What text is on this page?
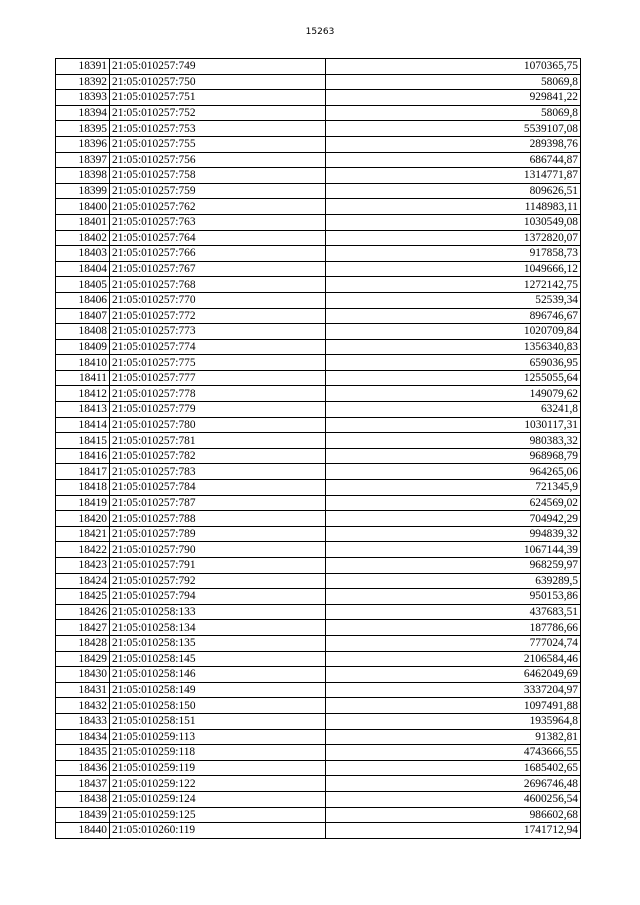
15263
18391	21:05:010257:749	1070365,75
18392	21:05:010257:750	58069,8
18393	21:05:010257:751	929841,22
18394	21:05:010257:752	58069,8
18395	21:05:010257:753	5539107,08
18396	21:05:010257:755	289398,76
18397	21:05:010257:756	686744,87
18398	21:05:010257:758	1314771,87
18399	21:05:010257:759	809626,51
18400	21:05:010257:762	1148983,11
18401	21:05:010257:763	1030549,08
18402	21:05:010257:764	1372820,07
18403	21:05:010257:766	917858,73
18404	21:05:010257:767	1049666,12
18405	21:05:010257:768	1272142,75
18406	21:05:010257:770	52539,34
18407	21:05:010257:772	896746,67
18408	21:05:010257:773	1020709,84
18409	21:05:010257:774	1356340,83
18410	21:05:010257:775	659036,95
18411	21:05:010257:777	1255055,64
18412	21:05:010257:778	149079,62
18413	21:05:010257:779	63241,8
18414	21:05:010257:780	1030117,31
18415	21:05:010257:781	980383,32
18416	21:05:010257:782	968968,79
18417	21:05:010257:783	964265,06
18418	21:05:010257:784	721345,9
18419	21:05:010257:787	624569,02
18420	21:05:010257:788	704942,29
18421	21:05:010257:789	994839,32
18422	21:05:010257:790	1067144,39
18423	21:05:010257:791	968259,97
18424	21:05:010257:792	639289,5
18425	21:05:010257:794	950153,86
18426	21:05:010258:133	437683,51
18427	21:05:010258:134	187786,66
18428	21:05:010258:135	777024,74
18429	21:05:010258:145	2106584,46
18430	21:05:010258:146	6462049,69
18431	21:05:010258:149	3337204,97
18432	21:05:010258:150	1097491,88
18433	21:05:010258:151	1935964,8
18434	21:05:010259:113	91382,81
18435	21:05:010259:118	4743666,55
18436	21:05:010259:119	1685402,65
18437	21:05:010259:122	2696746,48
18438	21:05:010259:124	4600256,54
18439	21:05:010259:125	986602,68
18440	21:05:010260:119	1741712,94
